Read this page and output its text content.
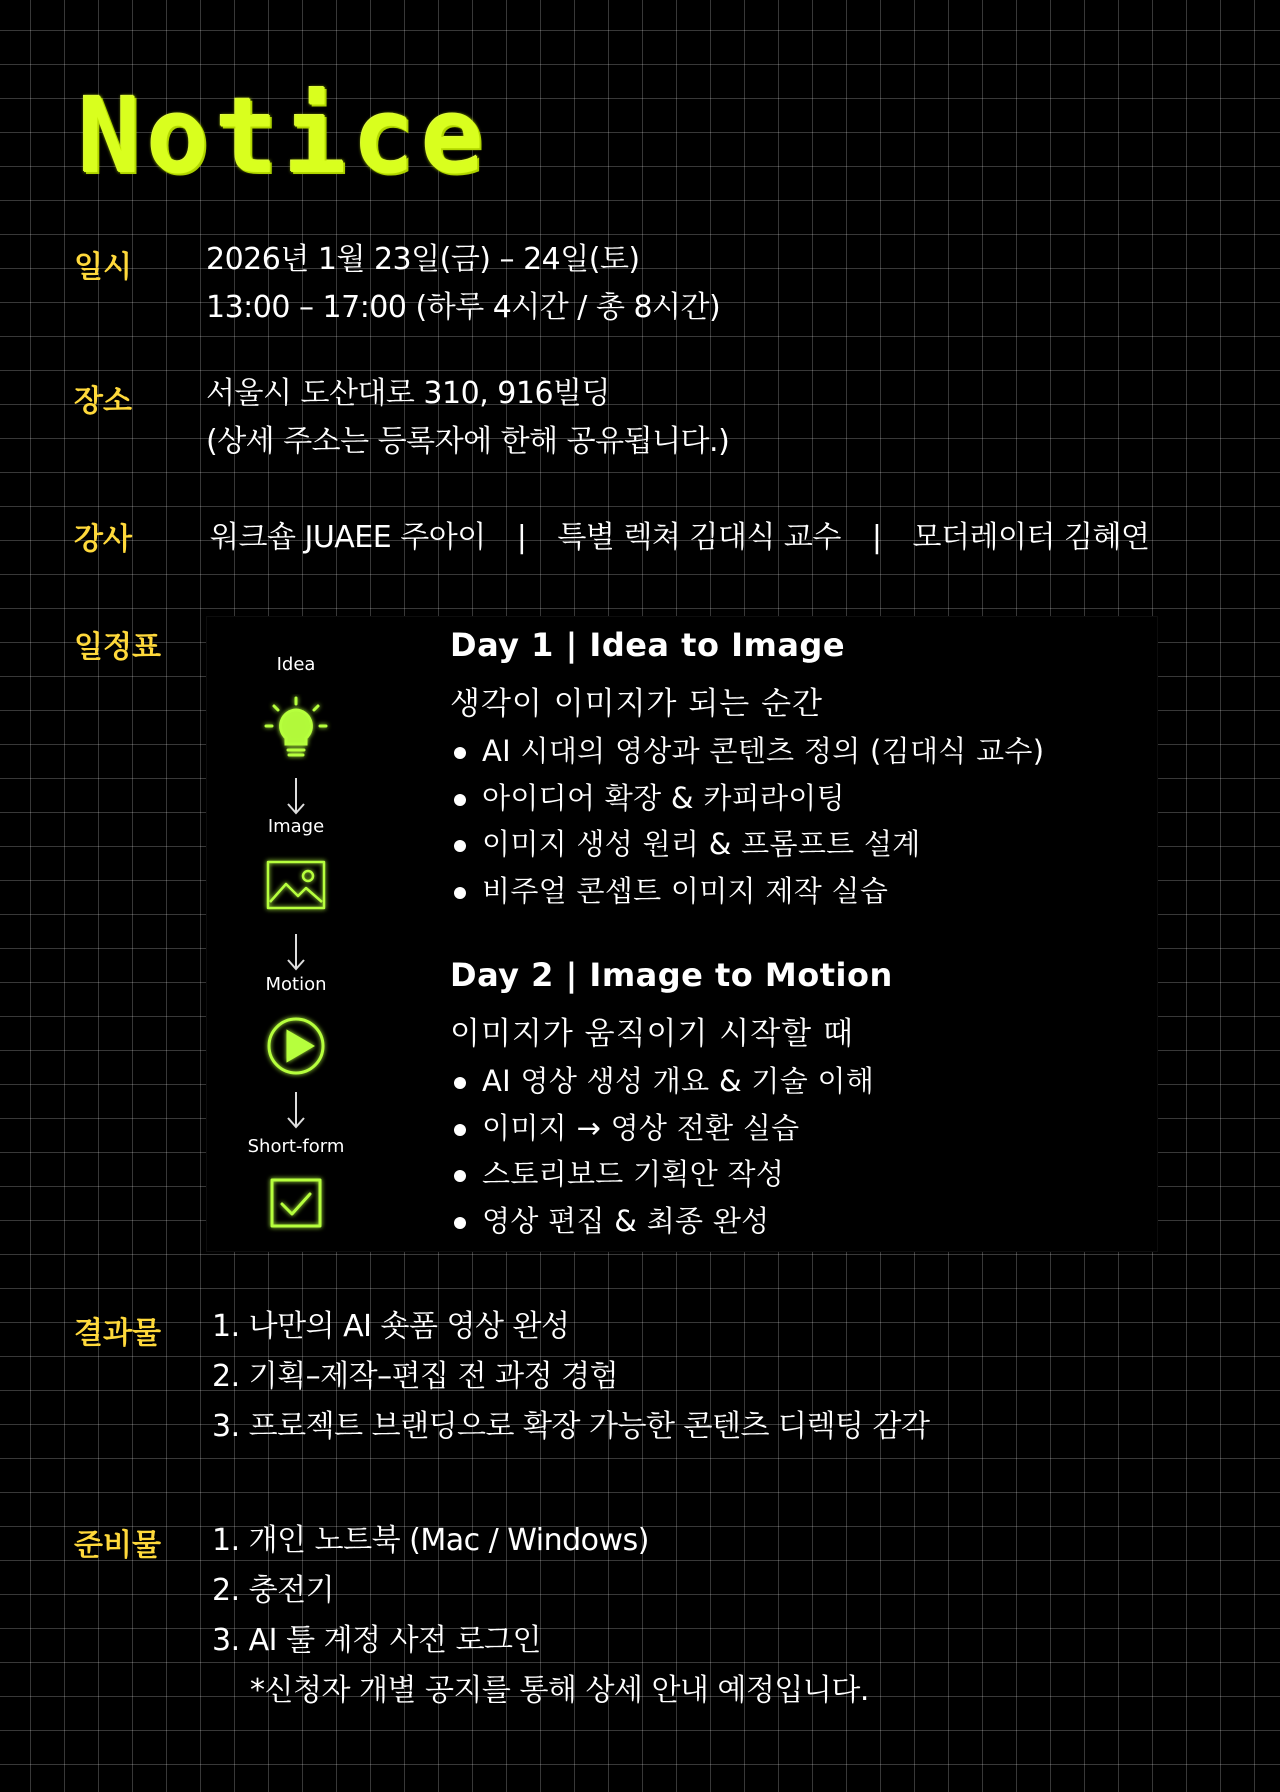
Notice
일시 2026년 1월 23일(금) – 24일(토)
13:00 – 17:00 (하루 4시간 / 총 8시간)
장소 서울시 도산대로 310, 916빌딩
(상세 주소는 등록자에 한해 공유됩니다.)
강사	워크숍 JUAEE 주아이 | 특별 렉쳐 김대식 교수 | 모더레이터 김혜연
일정표	Idea
Image
Motion
Short-form
Day 1 | Idea to Image
생각이 이미지가 되는 순간
AI 시대의 영상과 콘텐츠 정의 (김대식 교수)
아이디어 확장 & 카피라이팅
이미지 생성 원리 & 프롬프트 설계
비주얼 콘셉트 이미지 제작 실습
Day 2 | Image to Motion
이미지가 움직이기 시작할 때
AI 영상 생성 개요 & 기술 이해
이미지 → 영상 전환 실습
스토리보드 기획안 작성
영상 편집 & 최종 완성
결과물 1. 나만의 AI 숏폼 영상 완성
2. 기획–제작–편집 전 과정 경험
3. 프로젝트 브랜딩으로 확장 가능한 콘텐츠 디렉팅 감각
준비물 1. 개인 노트북 (Mac / Windows)
2. 충전기
3. AI 툴 계정 사전 로그인
*신청자 개별 공지를 통해 상세 안내 예정입니다.
